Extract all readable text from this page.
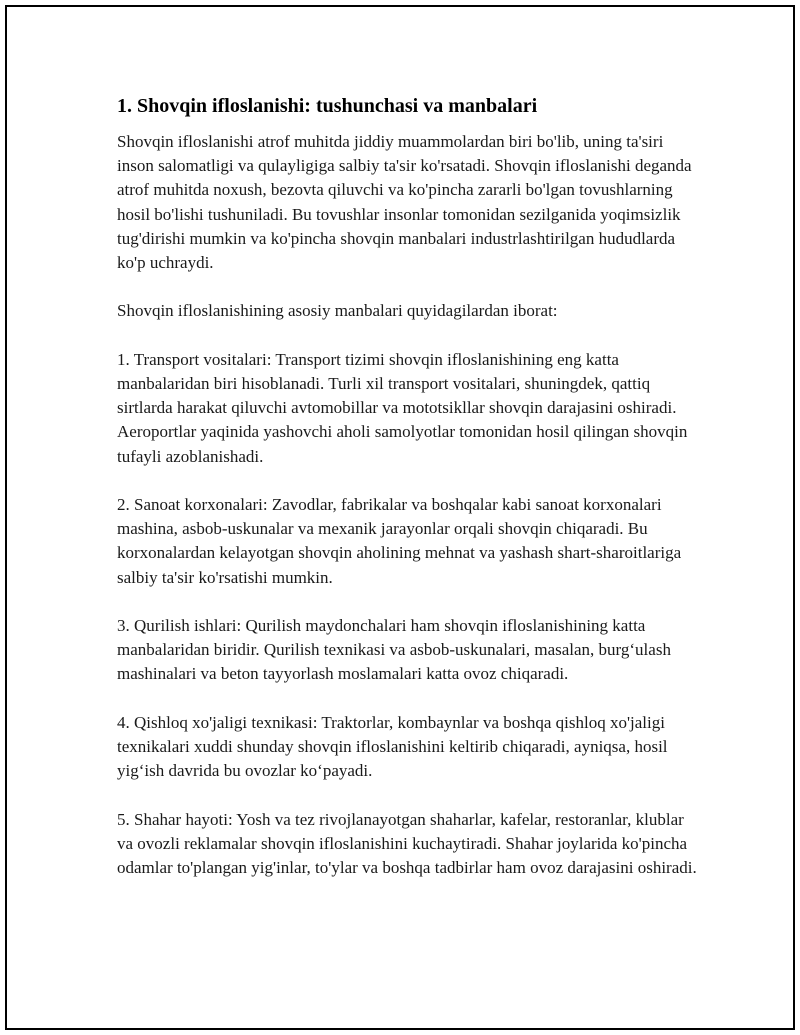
1. Shovqin ifloslanishi: tushunchasi va manbalari

Shovqin ifloslanishi atrof muhitda jiddiy muammolardan biri bo'lib, uning ta'siri inson salomatligi va qulayligiga salbiy ta'sir ko'rsatadi. Shovqin ifloslanishi deganda atrof muhitda noxush, bezovta qiluvchi va ko'pincha zararli bo'lgan tovushlarning hosil bo'lishi tushuniladi. Bu tovushlar insonlar tomonidan sezilganida yoqimsizlik tug'dirishi mumkin va ko'pincha shovqin manbalari industrlashtirilgan hududlarda ko'p uchraydi.

Shovqin ifloslanishining asosiy manbalari quyidagilardan iborat:

1. Transport vositalari: Transport tizimi shovqin ifloslanishining eng katta manbalaridan biri hisoblanadi. Turli xil transport vositalari, shuningdek, qattiq sirtlarda harakat qiluvchi avtomobillar va mototsikllar shovqin darajasini oshiradi. Aeroportlar yaqinida yashovchi aholi samolyotlar tomonidan hosil qilingan shovqin tufayli azoblanishadi.

2. Sanoat korxonalari: Zavodlar, fabrikalar va boshqalar kabi sanoat korxonalari mashina, asbob-uskunalar va mexanik jarayonlar orqali shovqin chiqaradi. Bu korxonalardan kelayotgan shovqin aholining mehnat va yashash shart-sharoitlariga salbiy ta'sir ko'rsatishi mumkin.

3. Qurilish ishlari: Qurilish maydonchalari ham shovqin ifloslanishining katta manbalaridan biridir. Qurilish texnikasi va asbob-uskunalari, masalan, burg‘ulash mashinalari va beton tayyorlash moslamalari katta ovoz chiqaradi.

4. Qishloq xo'jaligi texnikasi: Traktorlar, kombaynlar va boshqa qishloq xo'jaligi texnikalari xuddi shunday shovqin ifloslanishini keltirib chiqaradi, ayniqsa, hosil yig‘ish davrida bu ovozlar ko‘payadi.

5. Shahar hayoti: Yosh va tez rivojlanayotgan shaharlar, kafelar, restoranlar, klublar va ovozli reklamalar shovqin ifloslanishini kuchaytiradi. Shahar joylarida ko'pincha odamlar to'plangan yig'inlar, to'ylar va boshqa tadbirlar ham ovoz darajasini oshiradi.
